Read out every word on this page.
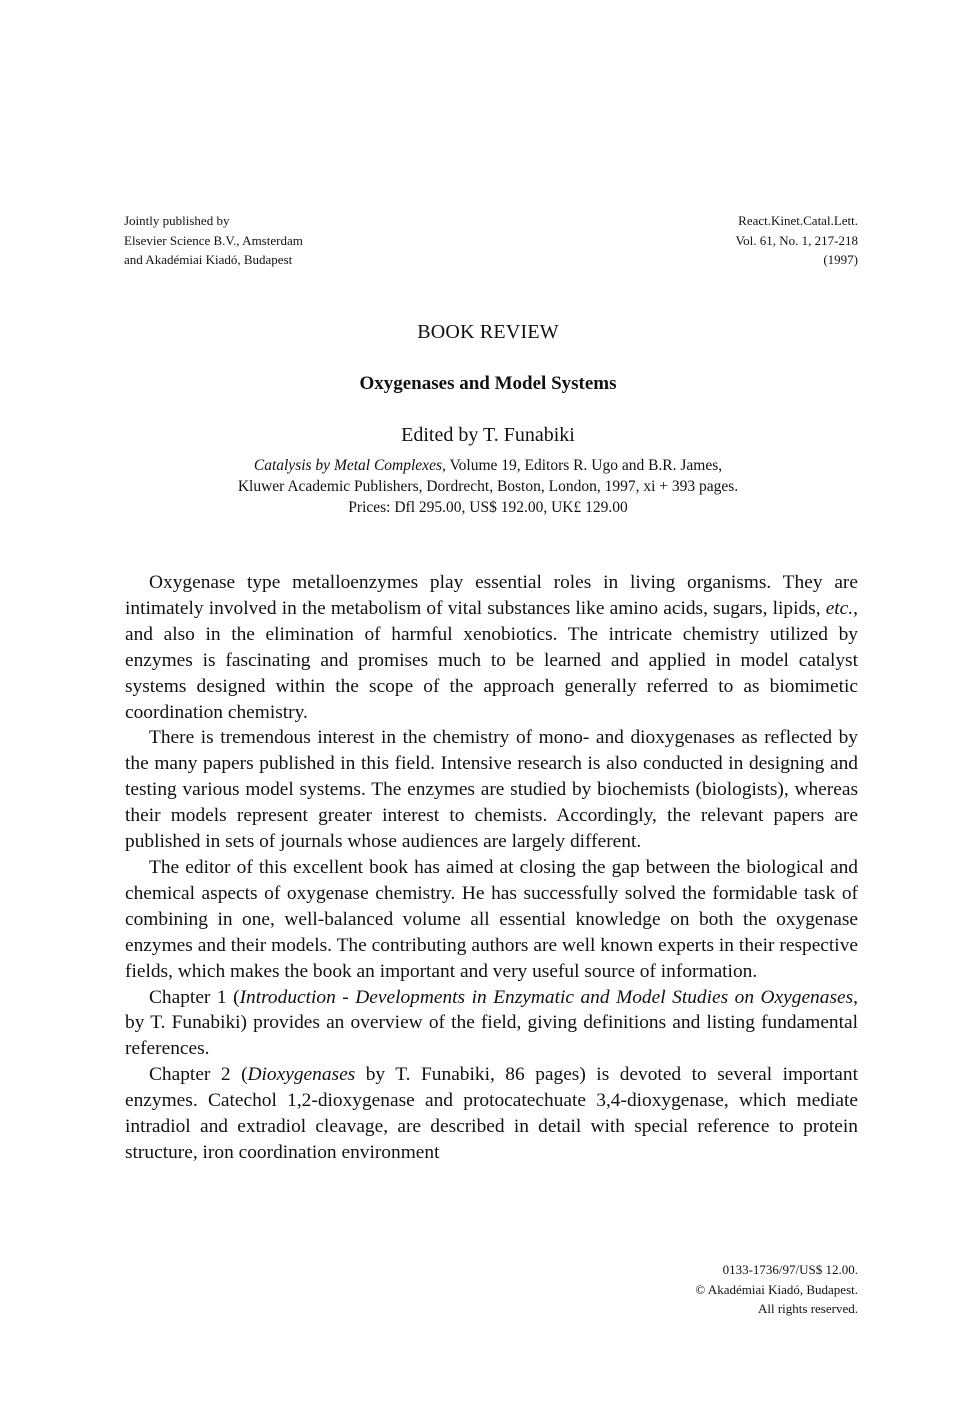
Jointly published by
Elsevier Science B.V., Amsterdam
and Akadémiai Kiadó, Budapest
React.Kinet.Catal.Lett.
Vol. 61, No. 1, 217-218
(1997)
BOOK REVIEW
Oxygenases and Model Systems
Edited by T. Funabiki
Catalysis by Metal Complexes, Volume 19, Editors R. Ugo and B.R. James,
Kluwer Academic Publishers, Dordrecht, Boston, London, 1997, xi + 393 pages.
Prices: Dfl 295.00, US$ 192.00, UK£ 129.00

Oxygenase type metalloenzymes play essential roles in living organisms. They are intimately involved in the metabolism of vital substances like amino acids, sugars, lipids, etc., and also in the elimination of harmful xenobiotics. The intricate chemistry utilized by enzymes is fascinating and promises much to be learned and applied in model catalyst systems designed within the scope of the approach generally referred to as biomimetic coordination chemistry.

There is tremendous interest in the chemistry of mono- and dioxygenases as reflected by the many papers published in this field. Intensive research is also conducted in designing and testing various model systems. The enzymes are studied by biochemists (biologists), whereas their models represent greater interest to chemists. Accordingly, the relevant papers are published in sets of journals whose audiences are largely different.

The editor of this excellent book has aimed at closing the gap between the biological and chemical aspects of oxygenase chemistry. He has successfully solved the formidable task of combining in one, well-balanced volume all essential knowledge on both the oxygenase enzymes and their models. The contributing authors are well known experts in their respective fields, which makes the book an important and very useful source of information.

Chapter 1 (Introduction - Developments in Enzymatic and Model Studies on Oxygenases, by T. Funabiki) provides an overview of the field, giving definitions and listing fundamental references.

Chapter 2 (Dioxygenases by T. Funabiki, 86 pages) is devoted to several important enzymes. Catechol 1,2-dioxygenase and protocatechuate 3,4-dioxygenase, which mediate intradiol and extradiol cleavage, are described in detail with special reference to protein structure, iron coordination environment

0133-1736/97/US$ 12.00.
© Akadémiai Kiadó, Budapest.
All rights reserved.
